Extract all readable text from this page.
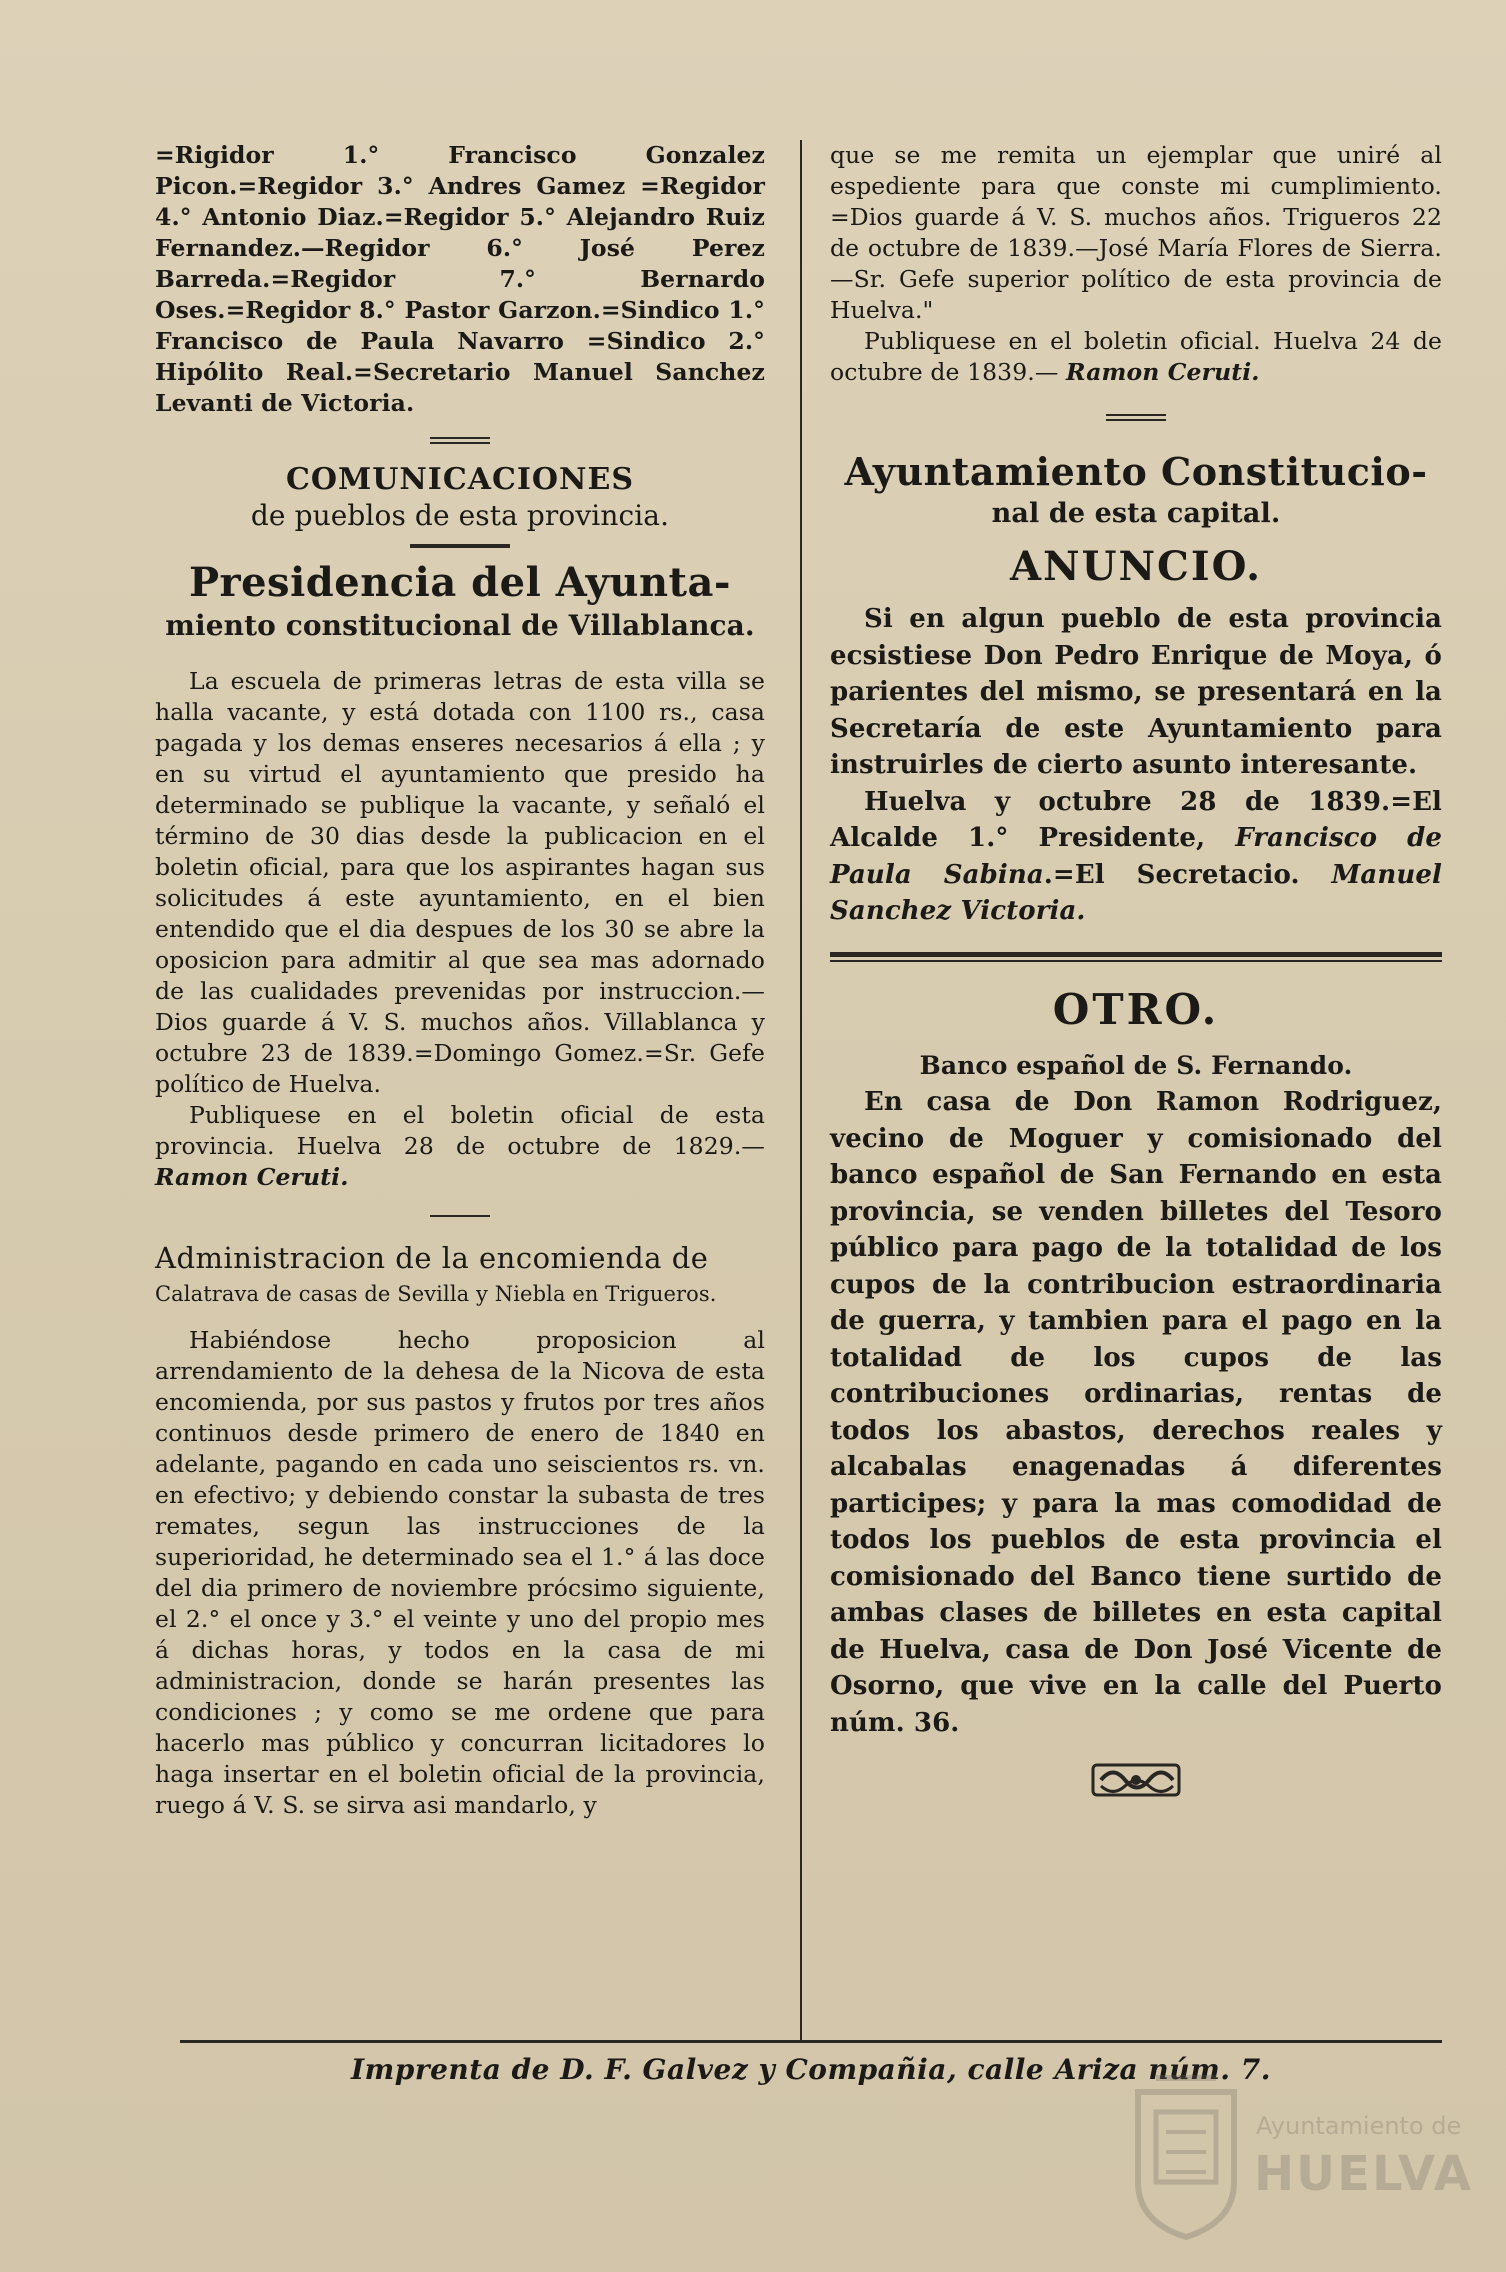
=Rigidor 1.° Francisco Gonzalez Picon.=Regidor 3.° Andres Gamez =Regidor 4.° Antonio Diaz.=Regidor 5.° Alejandro Ruiz Fernandez.—Regidor 6.° José Perez Barreda.=Regidor 7.° Bernardo Oses.=Regidor 8.° Pastor Garzon.=Sindico 1.° Francisco de Paula Navarro =Sindico 2.° Hipólito Real.=Secretario Manuel Sanchez Levanti de Victoria.

COMUNICACIONES

de pueblos de esta provincia.

Presidencia del Ayunta-

miento constitucional de Villablanca.

La escuela de primeras letras de esta villa se halla vacante, y está dotada con 1100 rs., casa pagada y los demas enseres necesarios á ella ; y en su virtud el ayuntamiento que presido ha determinado se publique la vacante, y señaló el término de 30 dias desde la publicacion en el boletin oficial, para que los aspirantes hagan sus solicitudes á este ayuntamiento, en el bien entendido que el dia despues de los 30 se abre la oposicion para admitir al que sea mas adornado de las cualidades prevenidas por instruccion.—Dios guarde á V. S. muchos años. Villablanca y octubre 23 de 1839.=Domingo Gomez.=Sr. Gefe político de Huelva.

Publiquese en el boletin oficial de esta provincia. Huelva 28 de octubre de 1829.— Ramon Ceruti.

Administracion de la encomienda de

Calatrava de casas de Sevilla y Niebla en Trigueros.

Habiéndose hecho proposicion al arrendamiento de la dehesa de la Nicova de esta encomienda, por sus pastos y frutos por tres años continuos desde primero de enero de 1840 en adelante, pagando en cada uno seiscientos rs. vn. en efectivo; y debiendo constar la subasta de tres remates, segun las instrucciones de la superioridad, he determinado sea el 1.° á las doce del dia primero de noviembre prócsimo siguiente, el 2.° el once y 3.° el veinte y uno del propio mes á dichas horas, y todos en la casa de mi administracion, donde se harán presentes las condiciones ; y como se me ordene que para hacerlo mas público y concurran licitadores lo haga insertar en el boletin oficial de la provincia, ruego á V. S. se sirva asi mandarlo, y

que se me remita un ejemplar que uniré al espediente para que conste mi cumplimiento. =Dios guarde á V. S. muchos años. Trigueros 22 de octubre de 1839.—José María Flores de Sierra.—Sr. Gefe superior político de esta provincia de Huelva."

Publiquese en el boletin oficial. Huelva 24 de octubre de 1839.— Ramon Ceruti.

Ayuntamiento Constitucio-

nal de esta capital.

ANUNCIO.

Si en algun pueblo de esta provincia ecsistiese Don Pedro Enrique de Moya, ó parientes del mismo, se presentará en la Secretaría de este Ayuntamiento para instruirles de cierto asunto interesante.

Huelva y octubre 28 de 1839.=El Alcalde 1.° Presidente, Francisco de Paula Sabina.=El Secretacio. Manuel Sanchez Victoria.

OTRO.

Banco español de S. Fernando.

En casa de Don Ramon Rodriguez, vecino de Moguer y comisionado del banco español de San Fernando en esta provincia, se venden billetes del Tesoro público para pago de la totalidad de los cupos de la contribucion estraordinaria de guerra, y tambien para el pago en la totalidad de los cupos de las contribuciones ordinarias, rentas de todos los abastos, derechos reales y alcabalas enagenadas á diferentes participes; y para la mas comodidad de todos los pueblos de esta provincia el comisionado del Banco tiene surtido de ambas clases de billetes en esta capital de Huelva, casa de Don José Vicente de Osorno, que vive en la calle del Puerto núm. 36.

Imprenta de D. F. Galvez y Compañia, calle Ariza núm. 7.

Ayuntamiento de
HUELVA
